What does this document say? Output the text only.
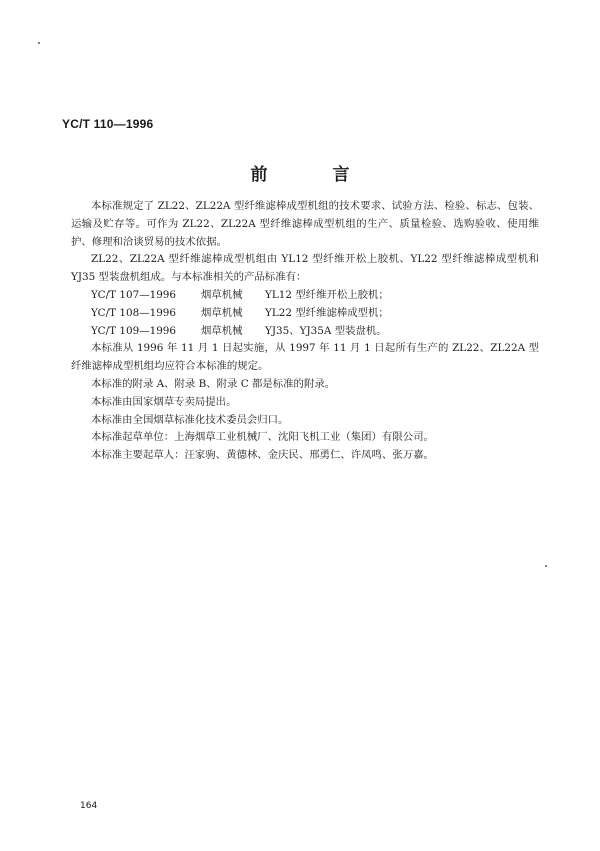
YC/T 110—1996
前　言

本标准规定了 ZL22、ZL22A 型纤维滤棒成型机组的技术要求、试验方法、检验、标志、包装、运输及贮存等。可作为 ZL22、ZL22A 型纤维滤棒成型机组的生产、质量检验、选购验收、使用维护、修理和洽谈贸易的技术依据。

ZL22、ZL22A 型纤维滤棒成型机组由 YL12 型纤维开松上胶机、YL22 型纤维滤棒成型机和 YJ35 型装盘机组成。与本标准相关的产品标准有：

YC/T 107—1996 烟草机械 YL12 型纤维开松上胶机；

YC/T 108—1996 烟草机械 YL22 型纤维滤棒成型机；

YC/T 109—1996 烟草机械 YJ35、YJ35A 型装盘机。

本标准从 1996 年 11 月 1 日起实施，从 1997 年 11 月 1 日起所有生产的 ZL22、ZL22A 型纤维滤棒成型机组均应符合本标准的规定。

本标准的附录 A、附录 B、附录 C 都是标准的附录。

本标准由国家烟草专卖局提出。

本标准由全国烟草标准化技术委员会归口。

本标准起草单位：上海烟草工业机械厂、沈阳飞机工业（集团）有限公司。

本标准主要起草人：汪家驹、黄德林、金庆民、邢勇仁、许凤鸣、张万嘉。

164
